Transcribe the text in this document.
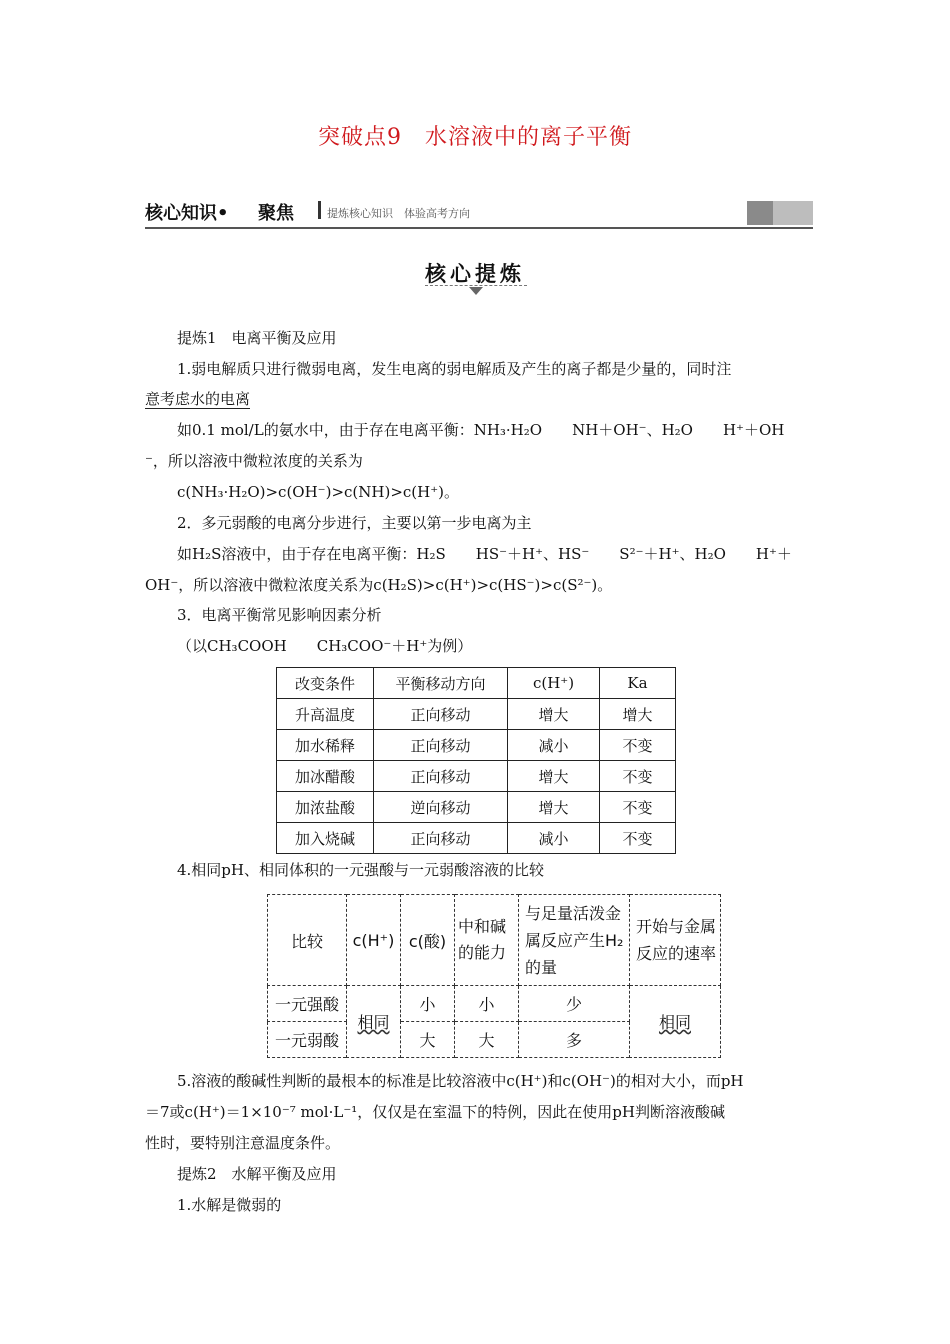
突破点9　水溶液中的离子平衡
核心知识• 聚焦	提炼核心知识　体验高考方向
核心提炼
提炼1　电离平衡及应用
1.弱电解质只进行微弱电离，发生电离的弱电解质及产生的离子都是少量的，同时注
意考虑水的电离
如0.1 mol/L的氨水中，由于存在电离平衡：NH₃·H₂O　　NH＋OH⁻、H₂O　　H⁺＋OH
⁻，所以溶液中微粒浓度的关系为
c(NH₃·H₂O)>c(OH⁻)>c(NH)>c(H⁺)。
2．多元弱酸的电离分步进行，主要以第一步电离为主
如H₂S溶液中，由于存在电离平衡：H₂S　　HS⁻＋H⁺、HS⁻　　S²⁻＋H⁺、H₂O　　H⁺＋
OH⁻，所以溶液中微粒浓度关系为c(H₂S)>c(H⁺)>c(HS⁻)>c(S²⁻)。
3．电离平衡常见影响因素分析
（以CH₃COOH　　CH₃COO⁻＋H⁺为例）
改变条件	平衡移动方向	c(H⁺)	Ka
升高温度	正向移动	增大	增大
加水稀释	正向移动	减小	不变
加冰醋酸	正向移动	增大	不变
加浓盐酸	逆向移动	增大	不变
加入烧碱	正向移动	减小	不变
4.相同pH、相同体积的一元强酸与一元弱酸溶液的比较
比较	c(H⁺)	c(酸)	中和碱的能力	与足量活泼金属反应产生H₂的量	开始与金属反应的速率
一元强酸	相同	小	小	少	相同
一元弱酸		大	大	多	
5.溶液的酸碱性判断的最根本的标准是比较溶液中c(H⁺)和c(OH⁻)的相对大小，而pH
＝7或c(H⁺)＝1×10⁻⁷ mol·L⁻¹，仅仅是在室温下的特例，因此在使用pH判断溶液酸碱
性时，要特别注意温度条件。
提炼2　水解平衡及应用
1.水解是微弱的
